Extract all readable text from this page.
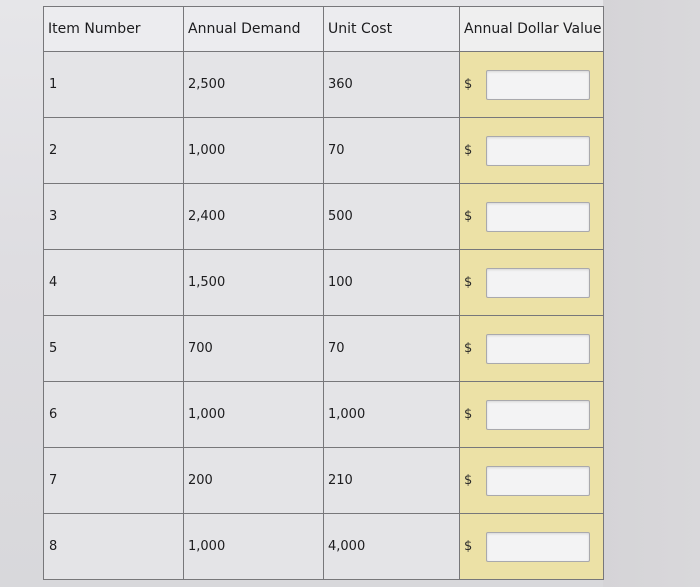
Item Number	Annual Demand	Unit Cost	Annual Dollar Value

1	2,500	360	$

2	1,000	70	$

3	2,400	500	$

4	1,500	100	$

5	700	70	$

6	1,000	1,000	$

7	200	210	$

8	1,000	4,000	$
